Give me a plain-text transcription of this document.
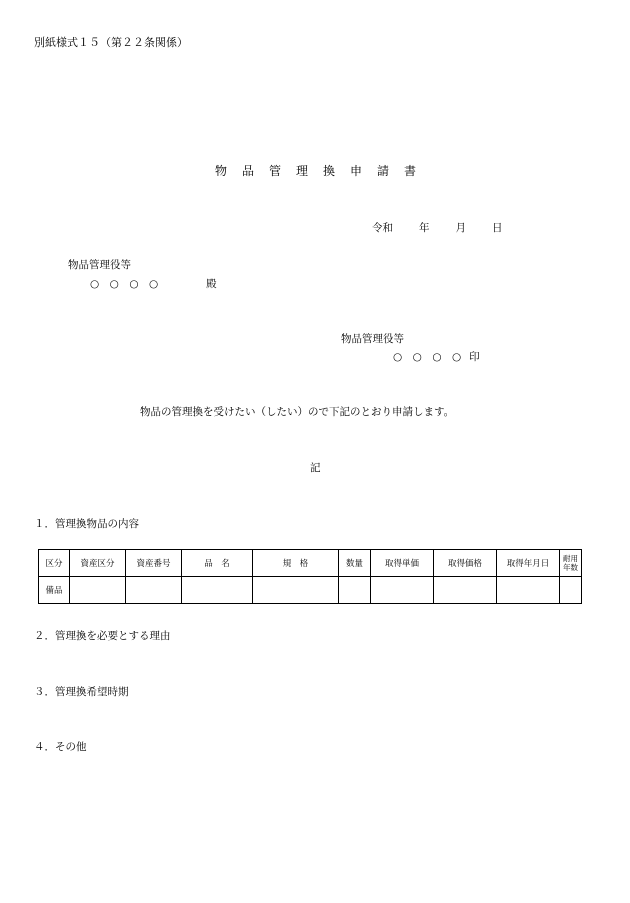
別紙様式１５（第２２条関係）
物品管理換申請書
令和 年 月 日
物品管理役等
○　○　○　○	殿
物品管理役等
○　○　○　○ 印
物品の管理換を受けたい（したい）ので下記のとおり申請します。
記
１．管理換物品の内容
区分	資産区分	資産番号	品　名	規　格	数量	取得単価	取得価格	取得年月日	耐用年数
備品									
２．管理換を必要とする理由
３．管理換希望時期
４．その他
